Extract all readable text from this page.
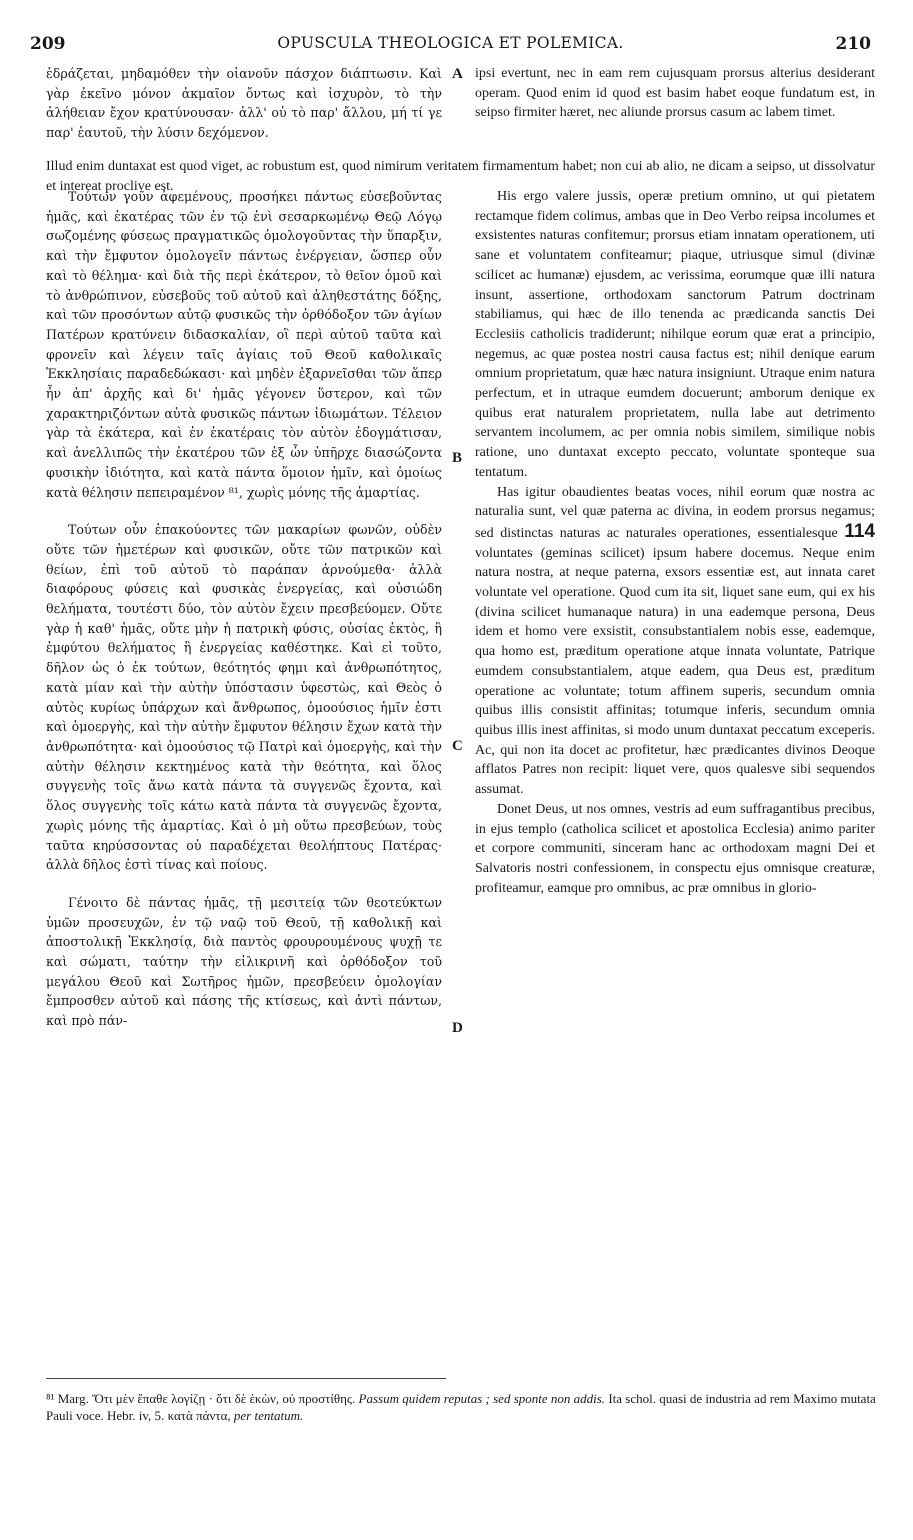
209	OPUSCULA THEOLOGICA ET POLEMICA.	210

ἑδράζεται, μηδαμόθεν τὴν οἱανοῦν πάσχον διάπτωσιν. Καὶ γὰρ ἐκεῖνο μόνον ἀκμαῖον ὄντως καὶ ἰσχυρὸν, τὸ τὴν ἀλήθειαν ἔχον κρατύνουσαν· ἀλλ' οὐ τὸ παρ' ἄλλου, μή τί γε παρ' ἑαυτοῦ, τὴν λύσιν δεχόμενον.

ipsi evertunt, nec in eam rem cujusquam prorsus alterius desiderant operam. Quod enim id quod est basim habet eoque fundatum est, in seipso firmiter hæret, nec aliunde prorsus casum ac labem timet.

Illud enim duntaxat est quod viget, ac robustum est, quod nimirum veritatem firmamentum habet; non cui ab alio, ne dicam a seipso, ut dissolvatur et intereat proclive est.

Τούτων γοῦν ἀφεμένους, προσήκει πάντως εὐσεβοῦντας ἡμᾶς, καὶ ἑκατέρας τῶν ἐν τῷ ἑνὶ σεσαρκωμένῳ Θεῷ Λόγῳ σωζομένης φύσεως πραγματικῶς ὁμολογοῦντας τὴν ὕπαρξιν, καὶ τὴν ἔμφυτον ὁμολογεῖν πάντως ἐνέργειαν, ὥσπερ οὖν καὶ τὸ θέλημα· καὶ διὰ τῆς περὶ ἑκάτερον, τὸ θεῖον ὁμοῦ καὶ τὸ ἀνθρώπινον, εὐσεβοῦς τοῦ αὐτοῦ καὶ ἀληθεστάτης δόξης, καὶ τῶν προσόντων αὐτῷ φυσικῶς τὴν ὀρθόδοξον τῶν ἁγίων Πατέρων κρατύνειν διδασκαλίαν, οἳ περὶ αὐτοῦ ταῦτα καὶ φρονεῖν καὶ λέγειν ταῖς ἁγίαις τοῦ Θεοῦ καθολικαῖς Ἐκκλησίαις παραδεδώκασι· καὶ μηδὲν ἐξαρνεῖσθαι τῶν ἅπερ ἦν ἀπ' ἀρχῆς καὶ δι' ἡμᾶς γέγονεν ὕστερον, καὶ τῶν χαρακτηριζόντων αὐτὰ φυσικῶς πάντων ἰδιωμάτων. Τέλειον γὰρ τὰ ἑκάτερα, καὶ ἐν ἑκατέραις τὸν αὐτὸν ἐδογμάτισαν, καὶ ἀνελλιπῶς τὴν ἑκατέρου τῶν ἐξ ὧν ὑπῆρχε διασώζοντα φυσικὴν ἰδιότητα, καὶ κατὰ πάντα ὅμοιον ἡμῖν, καὶ ὁμοίως κατὰ θέλησιν πεπειραμένον ⁸¹, χωρὶς μόνης τῆς ἁμαρτίας.

Τούτων οὖν ἐπακούοντες τῶν μακαρίων φωνῶν, οὐδὲν οὔτε τῶν ἡμετέρων καὶ φυσικῶν, οὔτε τῶν πατρικῶν καὶ θείων, ἐπὶ τοῦ αὐτοῦ τὸ παράπαν ἀρνούμεθα· ἀλλὰ διαφόρους φύσεις καὶ φυσικὰς ἐνεργείας, καὶ οὐσιώδη θελήματα, τουτέστι δύο, τὸν αὐτὸν ἔχειν πρεσβεύομεν. Οὔτε γὰρ ἡ καθ' ἡμᾶς, οὔτε μὴν ἡ πατρικὴ φύσις, οὐσίας ἐκτὸς, ἢ ἐμφύτου θελήματος ἢ ἐνεργείας καθέστηκε. Καὶ εἰ τοῦτο, δῆλον ὡς ὁ ἐκ τούτων, θεότητός φημι καὶ ἀνθρωπότητος, κατὰ μίαν καὶ τὴν αὐτὴν ὑπόστασιν ὑφεστὼς, καὶ Θεὸς ὁ αὐτὸς κυρίως ὑπάρχων καὶ ἄνθρωπος, ὁμοούσιος ἡμῖν ἐστι καὶ ὁμοεργὴς, καὶ τὴν αὐτὴν ἔμφυτον θέλησιν ἔχων κατὰ τὴν ἀνθρωπότητα· καὶ ὁμοούσιος τῷ Πατρὶ καὶ ὁμοεργὴς, καὶ τὴν αὐτὴν θέλησιν κεκτημένος κατὰ τὴν θεότητα, καὶ ὅλος συγγενὴς τοῖς ἄνω κατὰ πάντα τὰ συγγενῶς ἔχοντα, καὶ ὅλος συγγενὴς τοῖς κάτω κατὰ πάντα τὰ συγγενῶς ἔχοντα, χωρὶς μόνης τῆς ἁμαρτίας. Καὶ ὁ μὴ οὕτω πρεσβεύων, τοὺς ταῦτα κηρύσσοντας οὐ παραδέχεται θεολήπτους Πατέρας· ἀλλὰ δῆλος ἐστὶ τίνας καὶ ποίους.

Γένοιτο δὲ πάντας ἡμᾶς, τῇ μεσιτείᾳ τῶν θεοτεύκτων ὑμῶν προσευχῶν, ἐν τῷ ναῷ τοῦ Θεοῦ, τῇ καθολικῇ καὶ ἀποστολικῇ Ἐκκλησίᾳ, διὰ παντὸς φρουρουμένους ψυχῇ τε καὶ σώματι, ταύτην τὴν εἰλικρινῆ καὶ ὀρθόδοξον τοῦ μεγάλου Θεοῦ καὶ Σωτῆρος ἡμῶν, πρεσβεύειν ὁμολογίαν ἔμπροσθεν αὐτοῦ καὶ πάσης τῆς κτίσεως, καὶ ἀντὶ πάντων, καὶ πρὸ πάν-

His ergo valere jussis, operæ pretium omnino, ut qui pietatem rectamque fidem colimus, ambas que in Deo Verbo reipsa incolumes et exsistentes naturas confitemur; prorsus etiam innatam operationem, uti sane et voluntatem confiteamur; piaque, utriusque simul (divinæ scilicet ac humanæ) ejusdem, ac verissima, eorumque quæ illi natura insunt, assertione, orthodoxam sanctorum Patrum doctrinam stabiliamus, qui hæc de illo tenenda ac prædicanda sanctis Dei Ecclesiis catholicis tradiderunt; nihilque eorum quæ erat a principio, negemus, ac quæ postea nostri causa factus est; nihil denique earum omnium proprietatum, quæ hæc natura insigniunt. Utraque enim natura perfectum, et in utraque eumdem docuerunt; amborum denique ex quibus erat naturalem proprietatem, nulla labe aut detrimento servantem incolumem, ac per omnia nobis similem, similique nobis ratione, uno duntaxat excepto peccato, voluntate sponteque sua tentatum.

Has igitur obaudientes beatas voces, nihil eorum quæ nostra ac naturalia sunt, vel quæ paterna ac divina, in eodem prorsus negamus; sed distinctas naturas ac naturales operationes, essentialesque 114 voluntates (geminas scilicet) ipsum habere docemus. Neque enim natura nostra, at neque paterna, exsors essentiæ est, aut innata caret voluntate vel operatione. Quod cum ita sit, liquet sane eum, qui ex his (divina scilicet humanaque natura) in una eademque persona, Deus idem et homo vere exsistit, consubstantialem nobis esse, eademque, qua homo est, præditum operatione atque innata voluntate, Patrique eumdem consubstantialem, atque eadem, qua Deus est, præditum operatione ac voluntate; totum affinem superis, secundum omnia quibus illis consistit affinitas; totumque inferis, secundum omnia quibus illis inest affinitas, si modo unum duntaxat peccatum exceperis. Ac, qui non ita docet ac profitetur, hæc prædicantes divinos Deoque afflatos Patres non recipit: liquet vere, quos qualesve sibi sequendos assumat.

Donet Deus, ut nos omnes, vestris ad eum suffragantibus precibus, in ejus templo (catholica scilicet et apostolica Ecclesia) animo pariter et corpore communiti, sinceram hanc ac orthodoxam magni Dei et Salvatoris nostri confessionem, in conspectu ejus omnisque creaturæ, profiteamur, eamque pro omnibus, ac præ omnibus in glorio-

A
B
C
D
⁸¹ Marg. Ὅτι μὲν ἔπαθε λογίζῃ · ὅτι δὲ ἑκὼν, οὐ προστίθης. Passum quidem reputas ; sed sponte non addis. Ita schol. quasi de industria ad rem Maximo mutata Pauli voce. Hebr. iv, 5. κατὰ πάντα, per tentatum.
